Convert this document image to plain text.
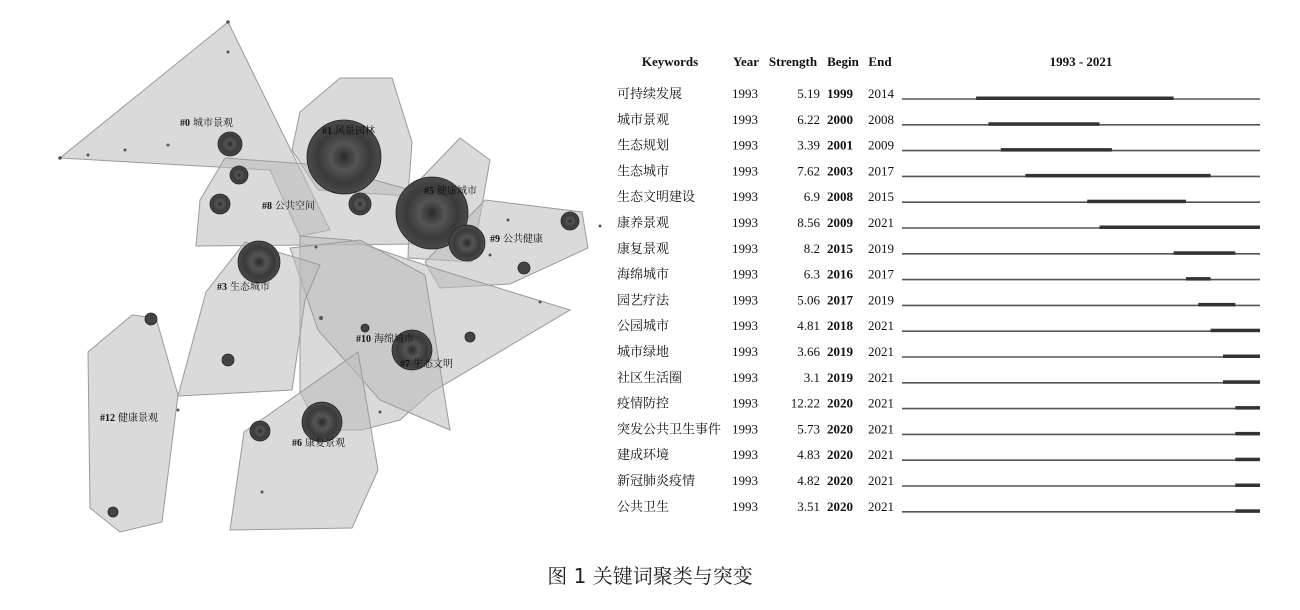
#0 城市景观
#1 风景园林
#3 生态城市
#5 健康城市
#6 康复景观
#7 生态文明
#8 公共空间
#9 公共健康
#10 海绵城市
#12 健康景观
Keywords	Year Strength Begin End	1993 - 2021
可持续发展	1993	5.19 1999 2014
城市景观	1993	6.22 2000 2008
生态规划	1993	3.39 2001 2009
生态城市	1993	7.62 2003 2017
生态文明建设	1993	6.9 2008 2015
康养景观	1993	8.56 2009 2021
康复景观	1993	8.2 2015 2019
海绵城市	1993	6.3 2016 2017
园艺疗法	1993	5.06 2017 2019
公园城市	1993	4.81 2018 2021
城市绿地	1993	3.66 2019 2021
社区生活圈	1993	3.1 2019 2021
疫情防控	1993	12.22 2020 2021
突发公共卫生事件 1993	5.73 2020 2021
建成环境	1993	4.83 2020 2021
新冠肺炎疫情	1993	4.82 2020 2021
公共卫生	1993	3.51 2020 2021
图 1 关键词聚类与突变
